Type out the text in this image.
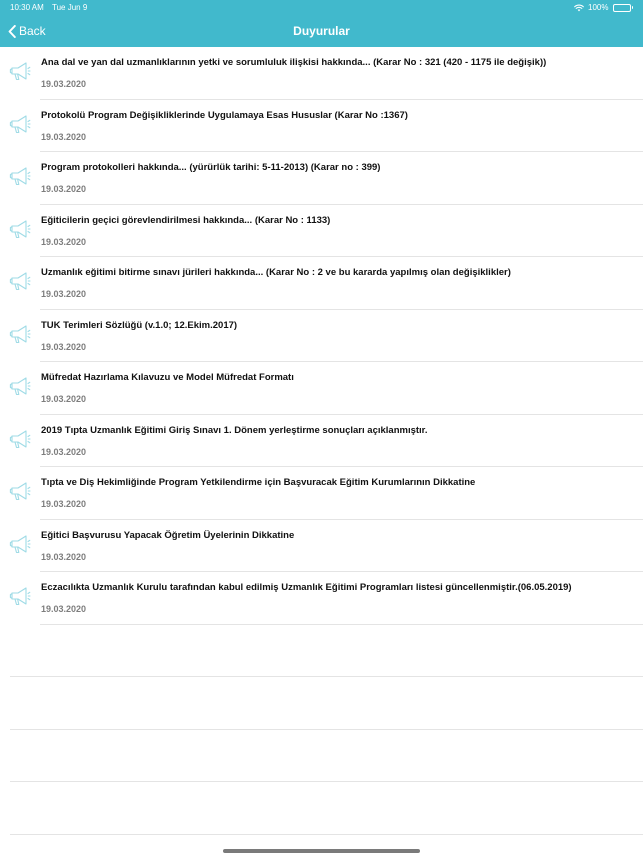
10:30 AM Tue Jun 9	100%
Back	Duyurular
Ana dal ve yan dal uzmanlıklarının yetki ve sorumluluk ilişkisi hakkında... (Karar No : 321 (420 - 1175 ile değişik))
19.03.2020
Protokolü Program Değişikliklerinde Uygulamaya Esas Hususlar (Karar No :1367)
19.03.2020
Program protokolleri hakkında... (yürürlük tarihi: 5-11-2013) (Karar no : 399)
19.03.2020
Eğiticilerin geçici görevlendirilmesi hakkında... (Karar No : 1133)
19.03.2020
Uzmanlık eğitimi bitirme sınavı jürileri hakkında... (Karar No : 2 ve bu kararda yapılmış olan değişiklikler)
19.03.2020
TUK Terimleri Sözlüğü (v.1.0; 12.Ekim.2017)
19.03.2020
Müfredat Hazırlama Kılavuzu ve Model Müfredat Formatı
19.03.2020
2019 Tıpta Uzmanlık Eğitimi Giriş Sınavı 1. Dönem yerleştirme sonuçları açıklanmıştır.
19.03.2020
Tıpta ve Diş Hekimliğinde Program Yetkilendirme için Başvuracak Eğitim Kurumlarının Dikkatine
19.03.2020
Eğitici Başvurusu Yapacak Öğretim Üyelerinin Dikkatine
19.03.2020
Eczacılıkta Uzmanlık Kurulu tarafından kabul edilmiş Uzmanlık Eğitimi Programları listesi güncellenmiştir.(06.05.2019)
19.03.2020
